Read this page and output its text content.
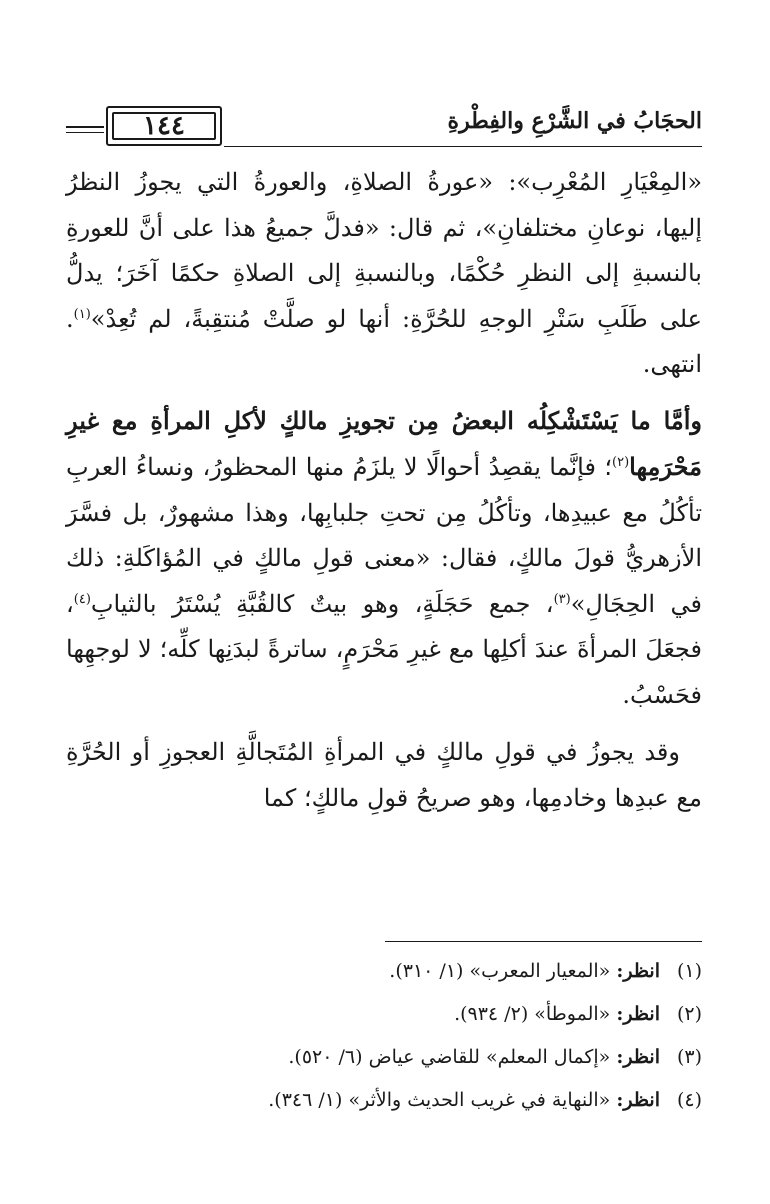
الحجَابُ في الشَّرْعِ والفِطْرةِ
١٤٤

«المِعْيَارِ المُعْرِب»: «عورةُ الصلاةِ، والعورةُ التي يجوزُ النظرُ إليها، نوعانِ مختلفانِ»، ثم قال: «فدلَّ جميعُ هذا على أنَّ للعورةِ بالنسبةِ إلى النظرِ حُكْمًا، وبالنسبةِ إلى الصلاةِ حكمًا آخَرَ؛ يدلُّ على طَلَبِ سَتْرِ الوجهِ للحُرَّةِ: أنها لو صلَّتْ مُنتقِبةً، لم تُعِدْ»$^{(١)}$. انتهى.

وأمَّا ما يَسْتَشْكِلُه البعضُ مِن تجويزِ مالكٍ لأكلِ المرأةِ مع غيرِ مَحْرَمِها$^{(٢)}$؛ فإنَّما يقصِدُ أحوالًا لا يلزَمُ منها المحظورُ، ونساءُ العربِ تأكُلُ مع عبيدِها، وتأكُلُ مِن تحتِ جلبابِها، وهذا مشهورٌ، بل فسَّرَ الأزهريُّ قولَ مالكٍ، فقال: «معنى قولِ مالكٍ في المُؤاكَلةِ: ذلك في الحِجَالِ»$^{(٣)}$، جمع حَجَلَةٍ، وهو بيتٌ كالقُبَّةِ يُسْتَرُ بالثيابِ$^{(٤)}$، فجعَلَ المرأةَ عندَ أكلِها مع غيرِ مَحْرَمٍ، ساترةً لبدَنِها كلِّه؛ لا لوجهِها فحَسْبُ.

وقد يجوزُ في قولِ مالكٍ في المرأةِ المُتَجالَّةِ العجوزِ أو الحُرَّةِ مع عبدِها وخادمِها، وهو صريحُ قولِ مالكٍ؛ كما

(١)انظر: «المعيار المعرب» (١/ ٣١٠).
(٢)انظر: «الموطأ» (٢/ ٩٣٤).
(٣)انظر: «إكمال المعلم» للقاضي عياض (٦/ ٥٢٠).
(٤)انظر: «النهاية في غريب الحديث والأثر» (١/ ٣٤٦).
